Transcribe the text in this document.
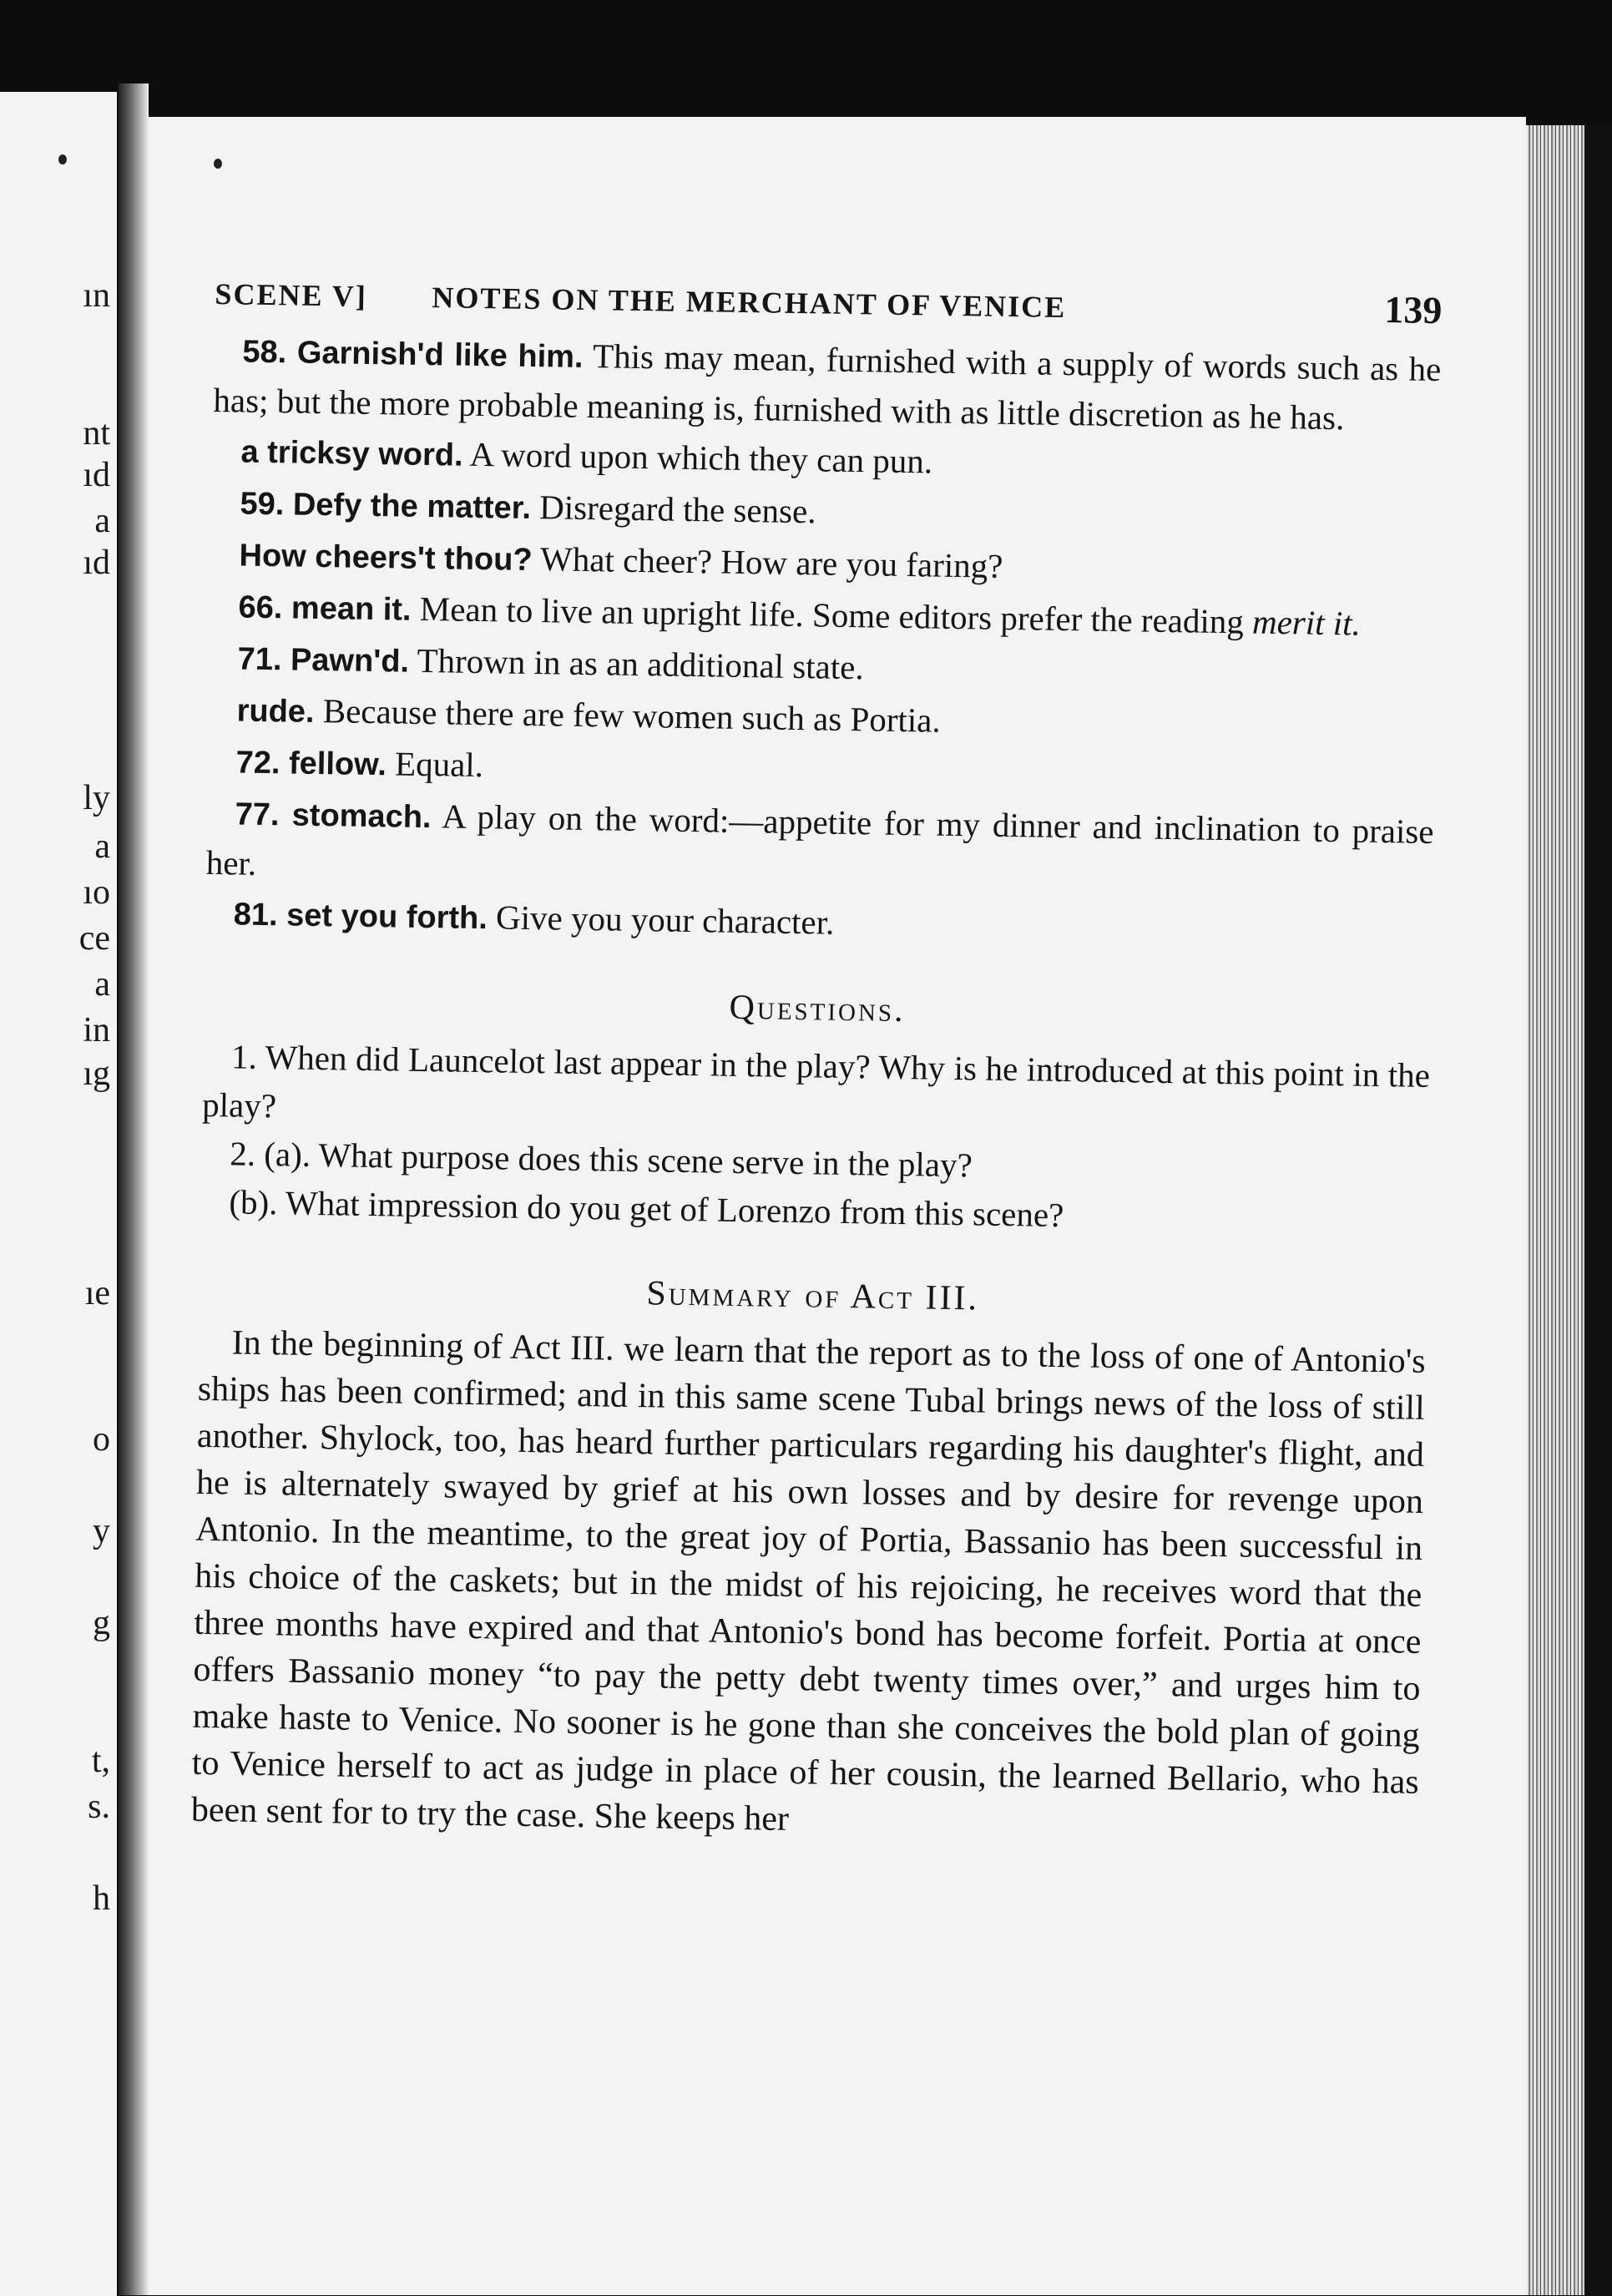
ın
nt
ıd
a
ıd
ly
a
ıo
ce
a
in
ıg
ıe
o
y
g
t,
s.
h
SCENE V]	NOTES ON THE MERCHANT OF VENICE	139

58. Garnish'd like him. This may mean, furnished with a supply of words such as he has; but the more probable meaning is, furnished with as little discretion as he has.

a tricksy word. A word upon which they can pun.

59. Defy the matter. Disregard the sense.

How cheers't thou? What cheer? How are you faring?

66. mean it. Mean to live an upright life. Some editors prefer the reading merit it.

71. Pawn'd. Thrown in as an additional state.

rude. Because there are few women such as Portia.

72. fellow. Equal.

77. stomach. A play on the word:—appetite for my dinner and inclination to praise her.

81. set you forth. Give you your character.

Questions.

1. When did Launcelot last appear in the play? Why is he introduced at this point in the play?

2. (a). What purpose does this scene serve in the play?

(b). What impression do you get of Lorenzo from this scene?

Summary of Act III.

In the beginning of Act III. we learn that the report as to the loss of one of Antonio's ships has been confirmed; and in this same scene Tubal brings news of the loss of still another. Shylock, too, has heard further particulars regarding his daughter's flight, and he is alternately swayed by grief at his own losses and by desire for revenge upon Antonio. In the meantime, to the great joy of Portia, Bassanio has been successful in his choice of the caskets; but in the midst of his rejoicing, he receives word that the three months have expired and that Antonio's bond has become forfeit. Portia at once offers Bassanio money “to pay the petty debt twenty times over,” and urges him to make haste to Venice. No sooner is he gone than she conceives the bold plan of going to Venice herself to act as judge in place of her cousin, the learned Bellario, who has been sent for to try the case. She keeps her
